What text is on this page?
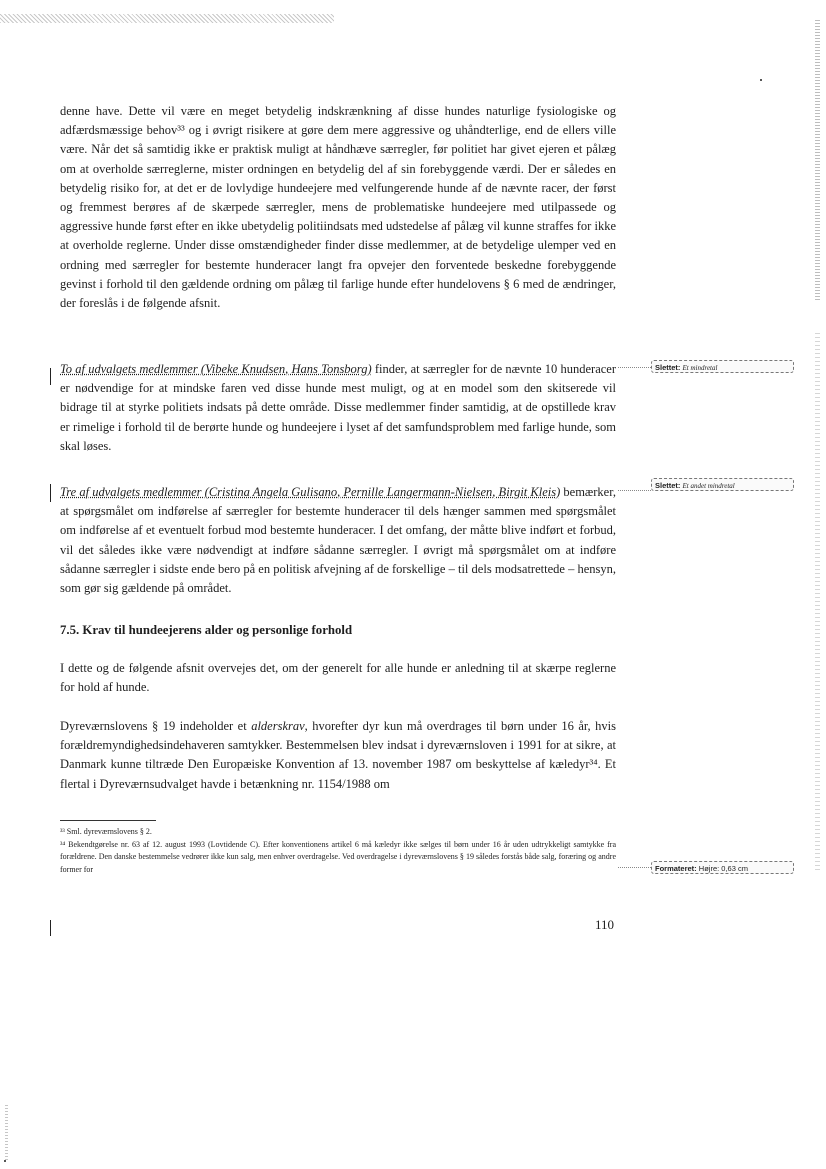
denne have. Dette vil være en meget betydelig indskrænkning af disse hundes naturlige fysiologiske og adfærdsmæssige behov³³ og i øvrigt risikere at gøre dem mere aggressive og uhåndterlige, end de ellers ville være. Når det så samtidig ikke er praktisk muligt at håndhæve særregler, før politiet har givet ejeren et pålæg om at overholde særreglerne, mister ordningen en betydelig del af sin forebyggende værdi. Der er således en betydelig risiko for, at det er de lovlydige hundeejere med velfungerende hunde af de nævnte racer, der først og fremmest berøres af de skærpede særregler, mens de problematiske hundeejere med utilpassede og aggressive hunde først efter en ikke ubetydelig politiindsats med udstedelse af pålæg vil kunne straffes for ikke at overholde reglerne. Under disse omstændigheder finder disse medlemmer, at de betydelige ulemper ved en ordning med særregler for bestemte hunderacer langt fra opvejer den forventede beskedne forebyggende gevinst i forhold til den gældende ordning om pålæg til farlige hunde efter hundelovens § 6 med de ændringer, der foreslås i de følgende afsnit.

To af udvalgets medlemmer (Vibeke Knudsen, Hans Tonsborg) finder, at særregler for de nævnte 10 hunderacer er nødvendige for at mindske faren ved disse hunde mest muligt, og at en model som den skitserede vil bidrage til at styrke politiets indsats på dette område. Disse medlemmer finder samtidig, at de opstillede krav er rimelige i forhold til de berørte hunde og hundeejere i lyset af det samfundsproblem med farlige hunde, som skal løses.

Tre af udvalgets medlemmer (Cristina Angela Gulisano, Pernille Langermann-Nielsen, Birgit Kleis) bemærker, at spørgsmålet om indførelse af særregler for bestemte hunderacer til dels hænger sammen med spørgsmålet om indførelse af et eventuelt forbud mod bestemte hunderacer. I det omfang, der måtte blive indført et forbud, vil det således ikke være nødvendigt at indføre sådanne særregler. I øvrigt må spørgsmålet om at indføre sådanne særregler i sidste ende bero på en politisk afvejning af de forskellige – til dels modsatrettede – hensyn, som gør sig gældende på området.

7.5. Krav til hundeejerens alder og personlige forhold

I dette og de følgende afsnit overvejes det, om der generelt for alle hunde er anledning til at skærpe reglerne for hold af hunde.

Dyreværnslovens § 19 indeholder et alderskrav, hvorefter dyr kun må overdrages til børn under 16 år, hvis forældremyndighedsindehaveren samtykker. Bestemmelsen blev indsat i dyreværnsloven i 1991 for at sikre, at Danmark kunne tiltræde Den Europæiske Konvention af 13. november 1987 om beskyttelse af kæledyr³⁴. Et flertal i Dyreværnsudvalget havde i betænkning nr. 1154/1988 om

³³ Sml. dyreværnslovens § 2.
³⁴ Bekendtgørelse nr. 63 af 12. august 1993 (Lovtidende C). Efter konventionens artikel 6 må kæledyr ikke sælges til børn under 16 år uden udtrykkeligt samtykke fra forældrene. Den danske bestemmelse vedrører ikke kun salg, men enhver overdragelse. Ved overdragelse i dyreværnslovens § 19 således forstås både salg, foræring og andre former for
110
Slettet: Et mindretal
Slettet: Et andet mindretal
Formateret: Højre: 0,63 cm
